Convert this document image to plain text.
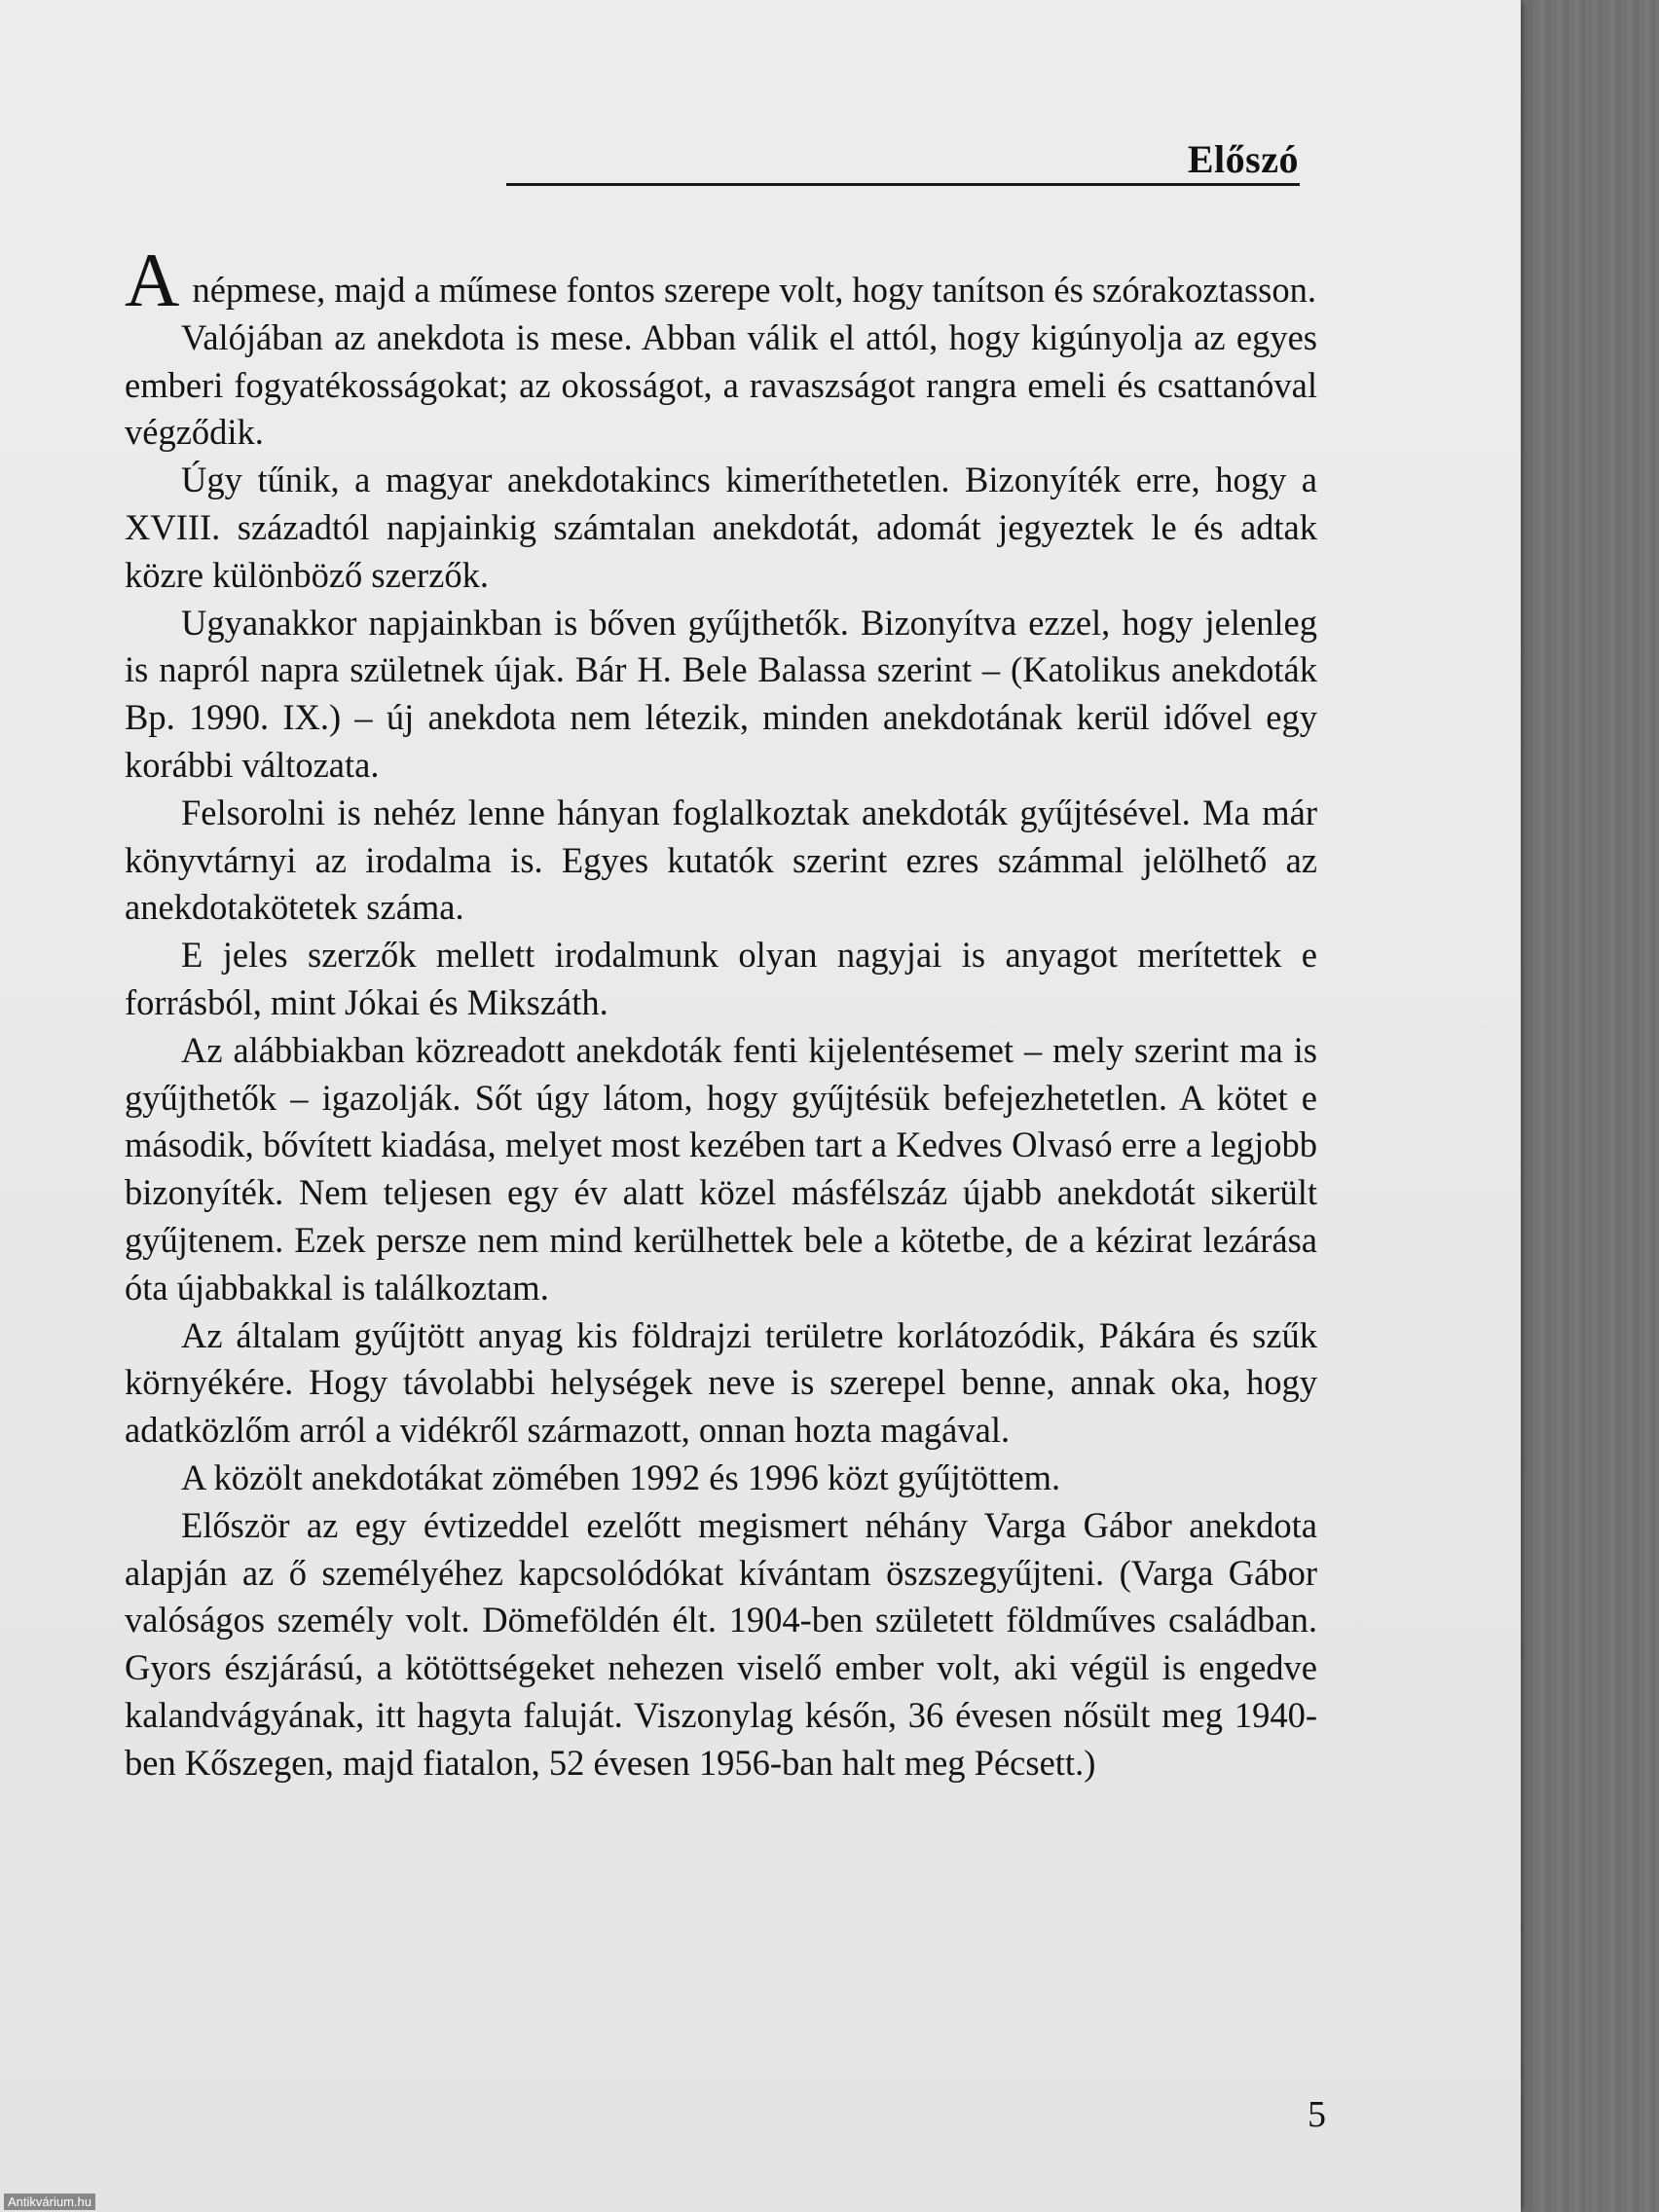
Előszó

A népmese, majd a műmese fontos szerepe volt, hogy tanítson és szórakoztasson.

Valójában az anekdota is mese. Abban válik el attól, hogy kigúnyolja az egyes emberi fogyatékosságokat; az okosságot, a ravaszságot rangra emeli és csattanóval végződik.

Úgy tűnik, a magyar anekdotakincs kimeríthetetlen. Bizonyíték erre, hogy a XVIII. századtól napjainkig számtalan anekdotát, adomát jegyeztek le és adtak közre különböző szerzők.

Ugyanakkor napjainkban is bőven gyűjthetők. Bizonyítva ezzel, hogy jelenleg is napról napra születnek újak. Bár H. Bele Balassa szerint – (Katolikus anekdoták Bp. 1990. IX.) – új anekdota nem létezik, minden anekdotának kerül idővel egy korábbi változata.

Felsorolni is nehéz lenne hányan foglalkoztak anekdoták gyűjtésével. Ma már könyvtárnyi az irodalma is. Egyes kutatók szerint ezres számmal jelölhető az anekdotakötetek száma.

E jeles szerzők mellett irodalmunk olyan nagyjai is anyagot merítettek e forrásból, mint Jókai és Mikszáth.

Az alábbiakban közreadott anekdoták fenti kijelentésemet – mely szerint ma is gyűjthetők – igazolják. Sőt úgy látom, hogy gyűjtésük befejezhetetlen. A kötet e második, bővített kiadása, melyet most kezében tart a Kedves Olvasó erre a legjobb bizonyíték. Nem teljesen egy év alatt közel másfélszáz újabb anekdotát sikerült gyűjtenem. Ezek persze nem mind kerülhettek bele a kötetbe, de a kézirat lezárása óta újabbakkal is találkoztam.

Az általam gyűjtött anyag kis földrajzi területre korlátozódik, Pákára és szűk környékére. Hogy távolabbi helységek neve is szerepel benne, annak oka, hogy adatközlőm arról a vidékről származott, onnan hozta magával.

A közölt anekdotákat zömében 1992 és 1996 közt gyűjtöttem.

Először az egy évtizeddel ezelőtt megismert néhány Varga Gábor anekdota alapján az ő személyéhez kapcsolódókat kívántam öszszegyűjteni. (Varga Gábor valóságos személy volt. Dömeföldén élt. 1904-ben született földműves családban. Gyors észjárású, a kötöttségeket nehezen viselő ember volt, aki végül is engedve kalandvágyának, itt hagyta faluját. Viszonylag későn, 36 évesen nősült meg 1940-ben Kőszegen, majd fiatalon, 52 évesen 1956-ban halt meg Pécsett.)

5
Antikvárium.hu
